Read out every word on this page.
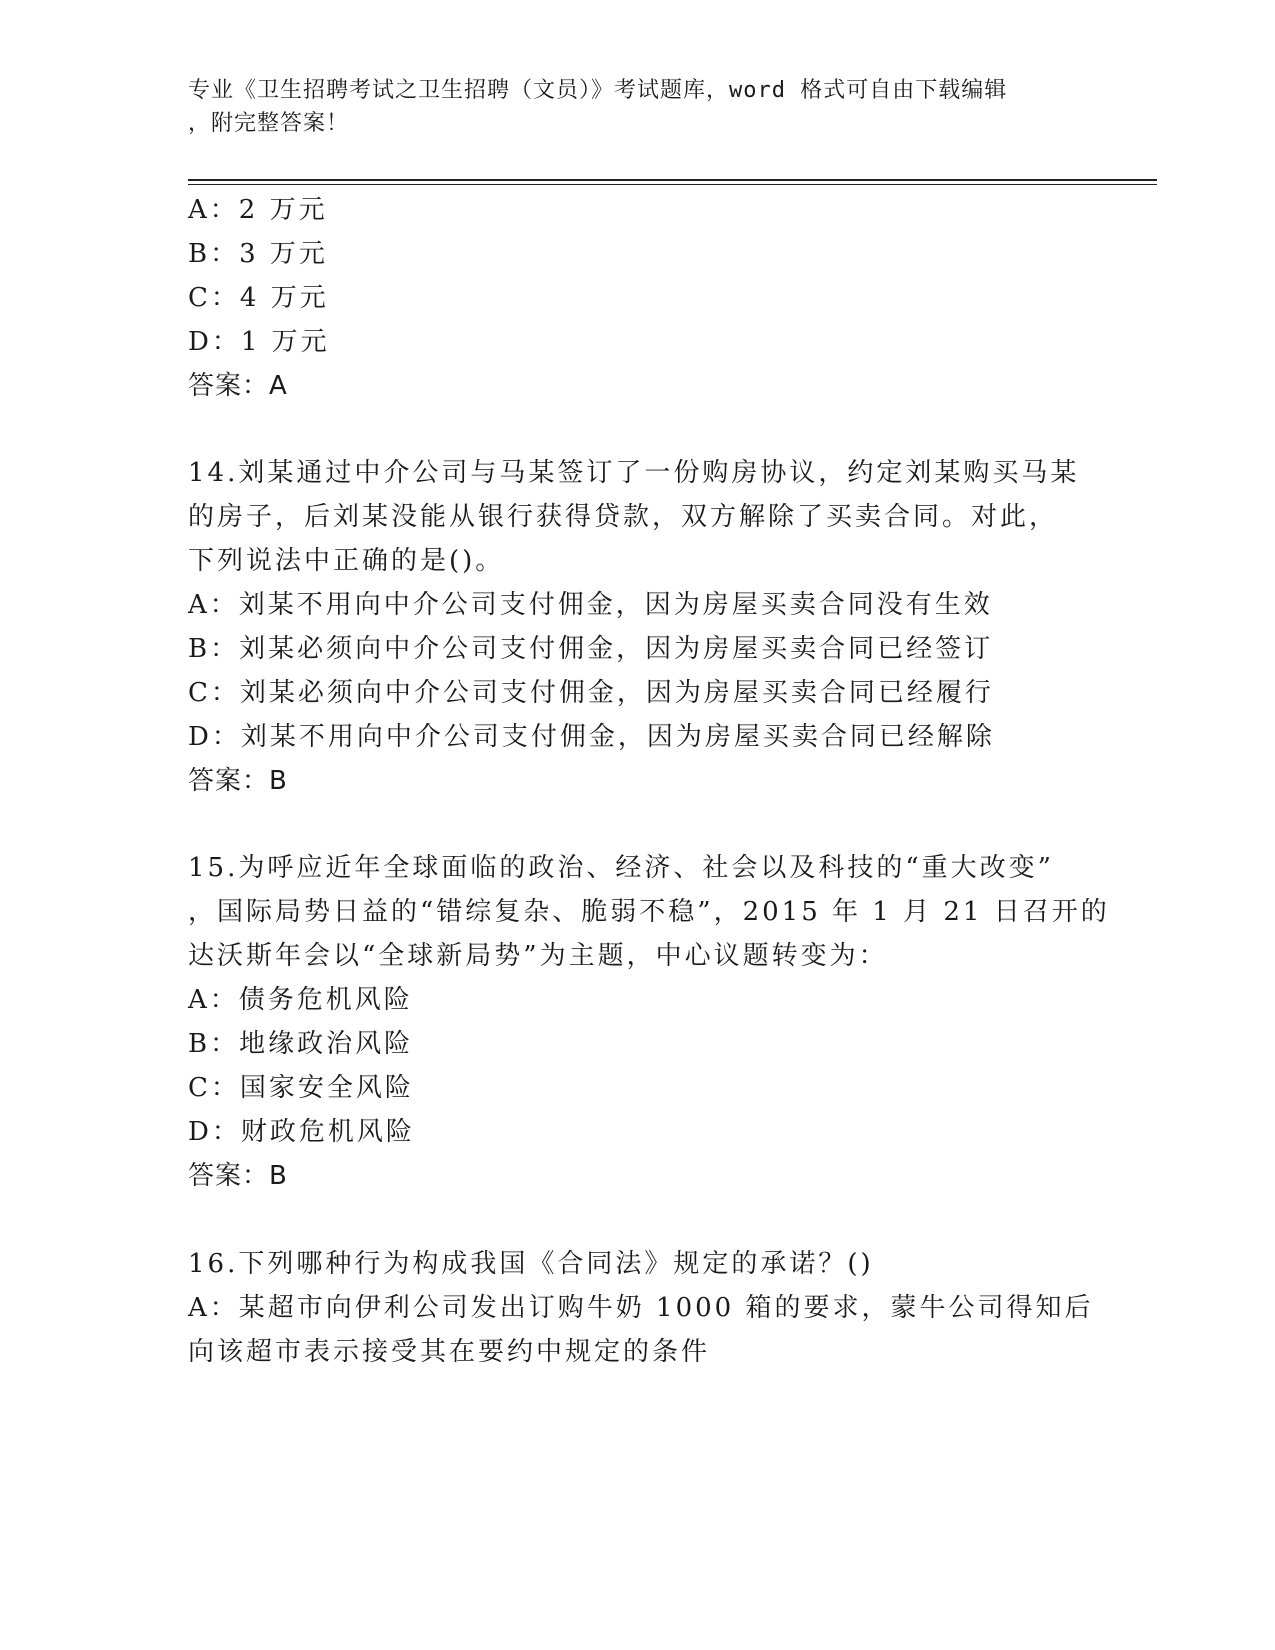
专业《卫生招聘考试之卫生招聘（文员）》考试题库，word 格式可自由下载编辑
，附完整答案！
A：2 万元
B：3 万元
C：4 万元
D：1 万元
答案：A
14.刘某通过中介公司与马某签订了一份购房协议，约定刘某购买马某
的房子，后刘某没能从银行获得贷款，双方解除了买卖合同。对此，
下列说法中正确的是()。
A：刘某不用向中介公司支付佣金，因为房屋买卖合同没有生效
B：刘某必须向中介公司支付佣金，因为房屋买卖合同已经签订
C：刘某必须向中介公司支付佣金，因为房屋买卖合同已经履行
D：刘某不用向中介公司支付佣金，因为房屋买卖合同已经解除
答案：B
15.为呼应近年全球面临的政治、经济、社会以及科技的“重大改变”
，国际局势日益的“错综复杂、脆弱不稳”，2015 年 1 月 21 日召开的
达沃斯年会以“全球新局势”为主题，中心议题转变为：
A：债务危机风险
B：地缘政治风险
C：国家安全风险
D：财政危机风险
答案：B
16.下列哪种行为构成我国《合同法》规定的承诺？()
A：某超市向伊利公司发出订购牛奶 1000 箱的要求，蒙牛公司得知后
向该超市表示接受其在要约中规定的条件
